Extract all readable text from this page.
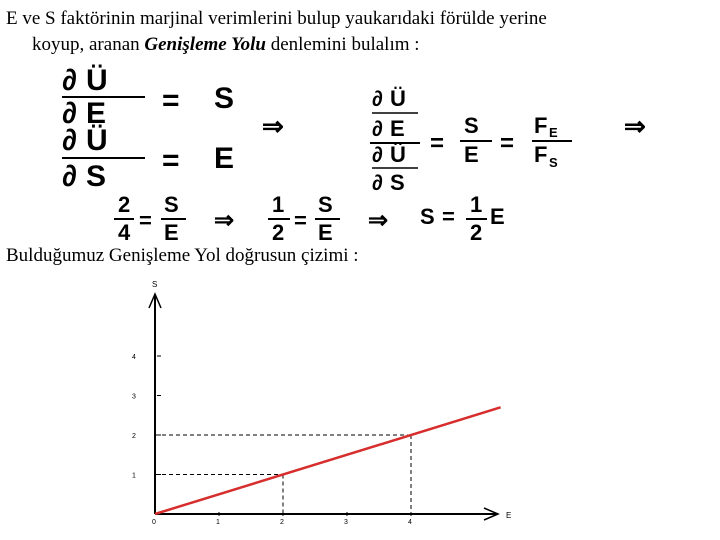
E ve S faktörinin marjinal verimlerini bulup yaukarıdaki förülde yerine
koyup, aranan Genişleme Yolu denlemini bulalım :
∂ Ü
∂ E = S
∂ Ü
∂ S = E
⇒
∂ Ü
∂ E
∂ Ü
∂ S
=
S
E =
F E
F S
⇒
2
4 =
S
E ⇒
1
2 =
S
E ⇒ S = 1
2
E
Bulduğumuz Genişleme Yol doğrusun çizimi :
S
E
1
2
3
4
0	1	2	3	4
